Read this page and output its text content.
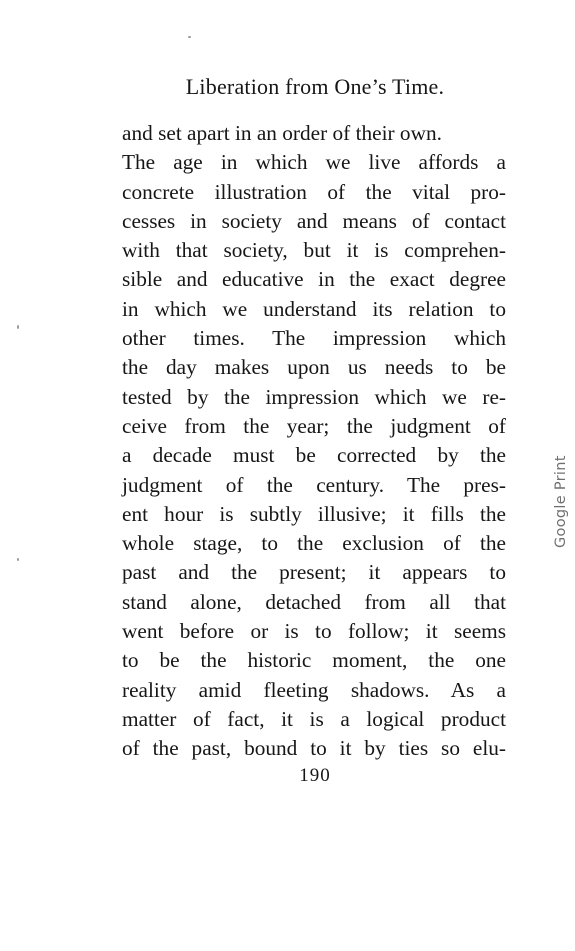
Liberation from One’s Time.
and set apart in an order of their own.
The age in which we live affords a
concrete illustration of the vital pro-
cesses in society and means of contact
with that society, but it is comprehen-
sible and educative in the exact degree
in which we understand its relation to
other times. The impression which
the day makes upon us needs to be
tested by the impression which we re-
ceive from the year; the judgment of
a decade must be corrected by the
judgment of the century. The pres-
ent hour is subtly illusive; it fills the
whole stage, to the exclusion of the
past and the present; it appears to
stand alone, detached from all that
went before or is to follow; it seems
to be the historic moment, the one
reality amid fleeting shadows. As a
matter of fact, it is a logical product
of the past, bound to it by ties so elu-
190
Google Print
